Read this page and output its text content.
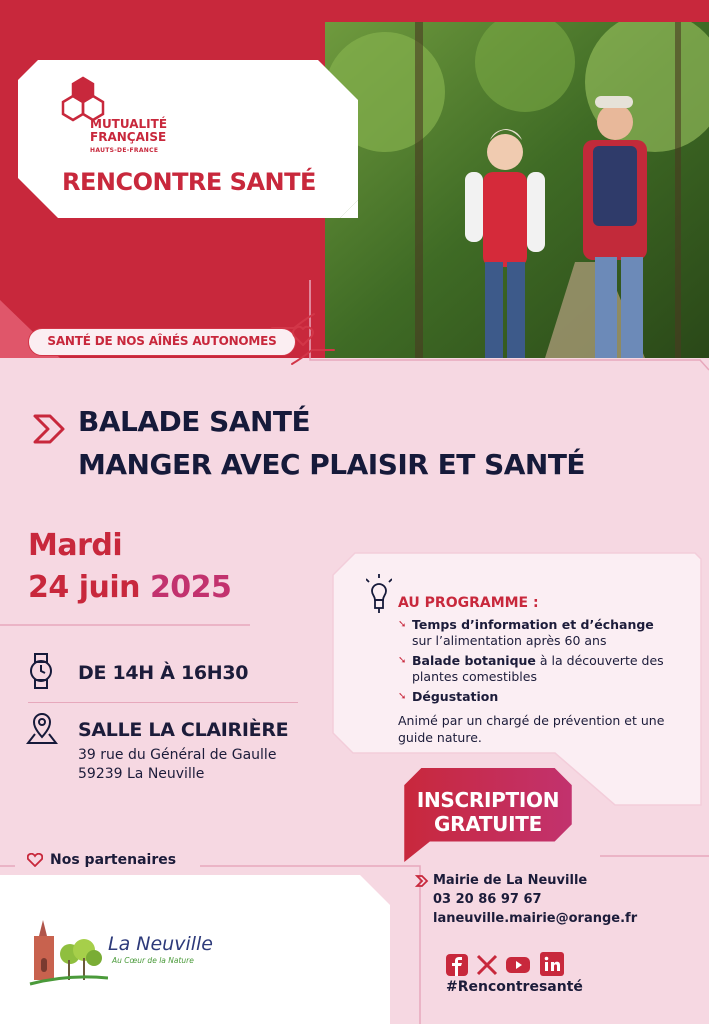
MUTUALITÉ
FRANÇAISE
HAUTS-DE-FRANCE
RENCONTRE SANTÉ
SANTÉ DE NOS AÎNÉS AUTONOMES
BALADE SANTÉ
MANGER AVEC PLAISIR ET SANTÉ
Mardi
24 juin 2025
DE 14H À 16H30
SALLE LA CLAIRIÈRE
39 rue du Général de Gaulle
59239 La Neuville
AU PROGRAMME :
➘ Temps d’information et d’échange sur l’alimentation après 60 ans
➘ Balade botanique à la découverte des plantes comestibles
➘ Dégustation
Animé par un chargé de prévention et une guide nature.
INSCRIPTION
GRATUITE
Mairie de La Neuville
03 20 86 97 67
laneuville.mairie@orange.fr
#Rencontresanté
Nos partenaires
La Neuville
Au Cœur de la Nature
